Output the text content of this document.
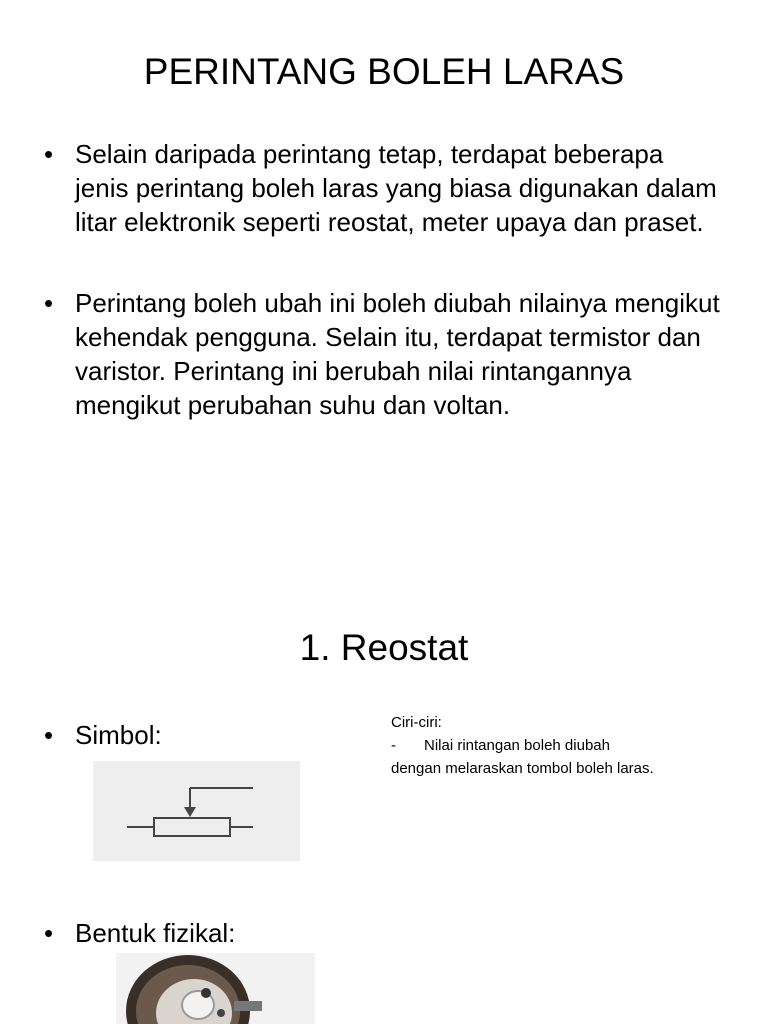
PERINTANG BOLEH LARAS
• Selain daripada perintang tetap, terdapat beberapa jenis perintang boleh laras yang biasa digunakan dalam litar elektronik seperti reostat, meter upaya dan praset.
• Perintang boleh ubah ini boleh diubah nilainya mengikut kehendak pengguna. Selain itu, terdapat termistor dan varistor. Perintang ini berubah nilai rintangannya mengikut perubahan suhu dan voltan.
1. Reostat
• Simbol:
• Bentuk fizikal:
Ciri-ciri:
- Nilai rintangan boleh diubah
dengan melaraskan tombol boleh laras.
